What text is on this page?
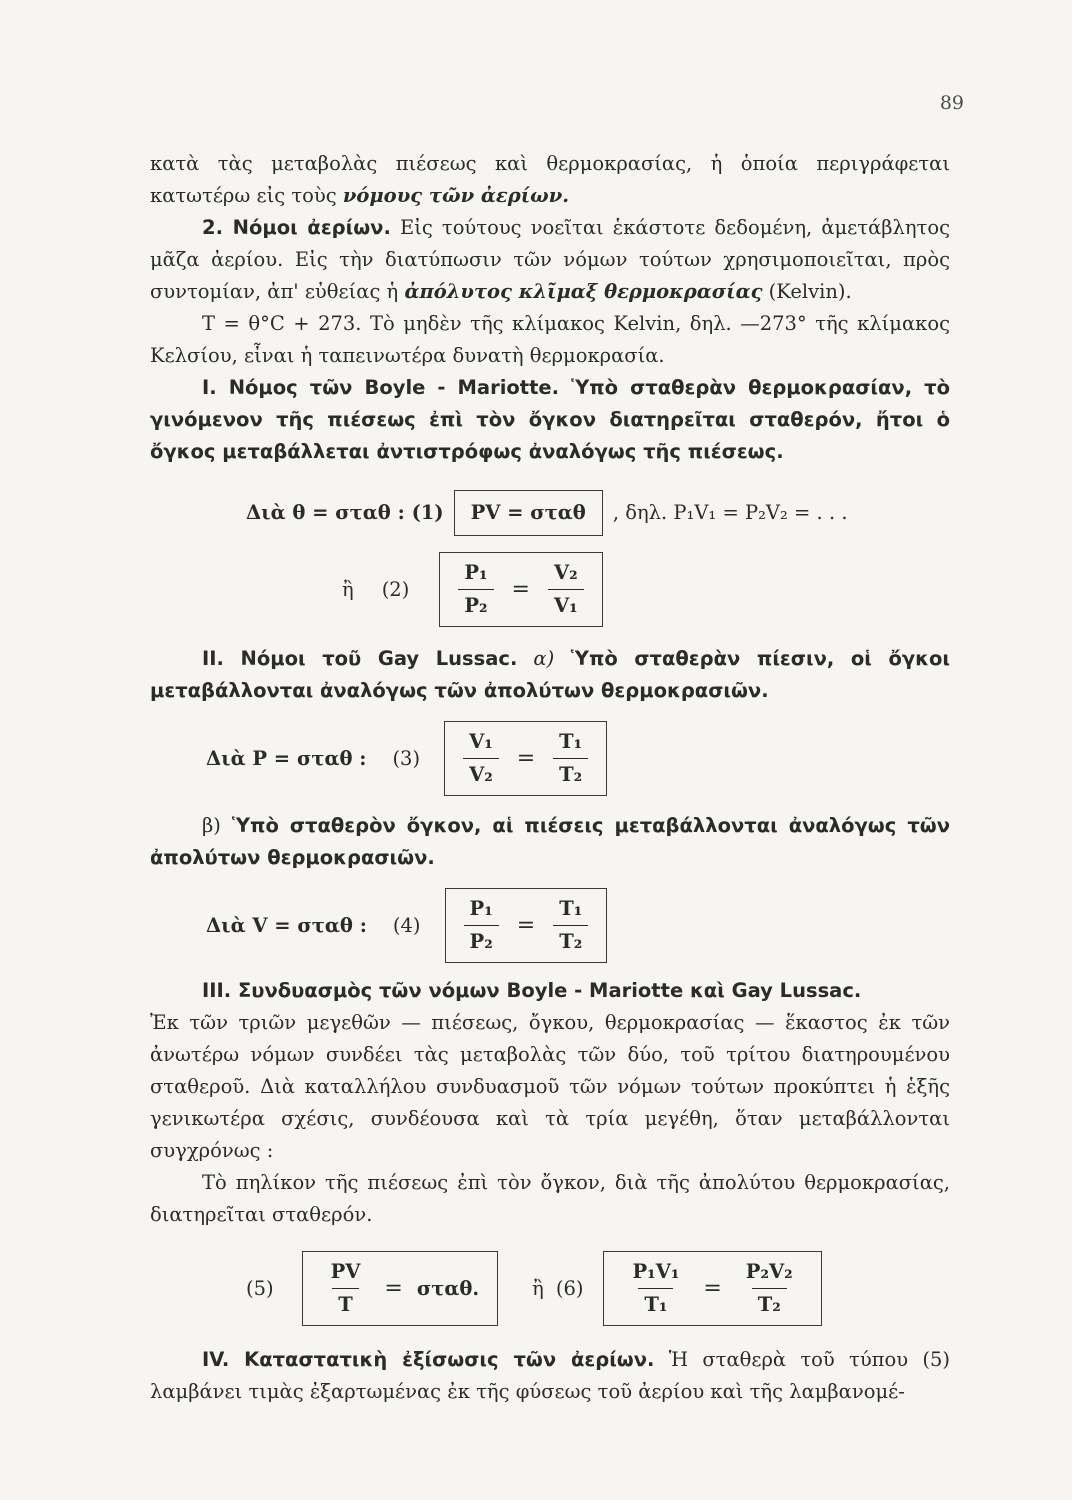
89

κατὰ τὰς μεταβολὰς πιέσεως καὶ θερμοκρασίας, ἡ ὁποία περιγράφεται κατωτέρω εἰς τοὺς νόμους τῶν ἀερίων.

2. Νόμοι ἀερίων. Εἰς τούτους νοεῖται ἑκάστοτε δεδομένη, ἀμετάβλητος μᾶζα ἀερίου. Εἰς τὴν διατύπωσιν τῶν νόμων τούτων χρησιμοποιεῖται, πρὸς συντομίαν, ἀπ' εὐθείας ἡ ἀπόλυτος κλῖμαξ θερμοκρασίας (Kelvin).

T = θ°C + 273. Τὸ μηδὲν τῆς κλίμακος Kelvin, δηλ. —273° τῆς κλίμακος Κελσίου, εἶναι ἡ ταπεινωτέρα δυνατὴ θερμοκρασία.

I. Νόμος τῶν Boyle - Mariotte. Ὑπὸ σταθερὰν θερμοκρασίαν, τὸ γινόμενον τῆς πιέσεως ἐπὶ τὸν ὄγκον διατηρεῖται σταθερόν, ἤτοι ὁ ὄγκος μεταβάλλεται ἀντιστρόφως ἀναλόγως τῆς πιέσεως.

Διὰ θ = σταθ : (1)	PV = σταθ	, δηλ. P₁V₁ = P₂V₂ = . . .
ἢ (2)	$\frac{\text{P₁}}{\text{P₂}} = \frac{\text{V₂}}{\text{V₁}}$

II. Νόμοι τοῦ Gay Lussac. α) Ὑπὸ σταθερὰν πίεσιν, οἱ ὄγκοι μεταβάλλονται ἀναλόγως τῶν ἀπολύτων θερμοκρασιῶν.

Διὰ P = σταθ : $(3) \frac{\text{V₁}}{\text{V₂}} = \frac{\text{T₁}}{\text{T₂}}$

β) Ὑπὸ σταθερὸν ὄγκον, αἱ πιέσεις μεταβάλλονται ἀναλόγως τῶν ἀπολύτων θερμοκρασιῶν.

Διὰ V = σταθ : $(4) \frac{\text{P₁}}{\text{P₂}} = \frac{\text{T₁}}{\text{T₂}}$

III. Συνδυασμὸς τῶν νόμων Boyle - Mariotte καὶ Gay Lussac.

Ἐκ τῶν τριῶν μεγεθῶν — πιέσεως, ὄγκου, θερμοκρασίας — ἕκαστος ἐκ τῶν ἀνωτέρω νόμων συνδέει τὰς μεταβολὰς τῶν δύο, τοῦ τρίτου διατηρουμένου σταθεροῦ. Διὰ καταλλήλου συνδυασμοῦ τῶν νόμων τούτων προκύπτει ἡ ἑξῆς γενικωτέρα σχέσις, συνδέουσα καὶ τὰ τρία μεγέθη, ὅταν μεταβάλλονται συγχρόνως :

Τὸ πηλίκον τῆς πιέσεως ἐπὶ τὸν ὄγκον, διὰ τῆς ἀπολύτου θερμοκρασίας, διατηρεῖται σταθερόν.

(5)	$\frac{PV}{T} = \sigma\tau\alpha\theta$.	ἢ $(6) \frac{\text{P₁V₁}}{\text{T₁}} = \frac{\text{P₂V₂}}{\text{T₂}}$

IV. Καταστατικὴ ἐξίσωσις τῶν ἀερίων. Ἡ σταθερὰ τοῦ τύπου (5) λαμβάνει τιμὰς ἐξαρτωμένας ἐκ τῆς φύσεως τοῦ ἀερίου καὶ τῆς λαμβανομέ-
